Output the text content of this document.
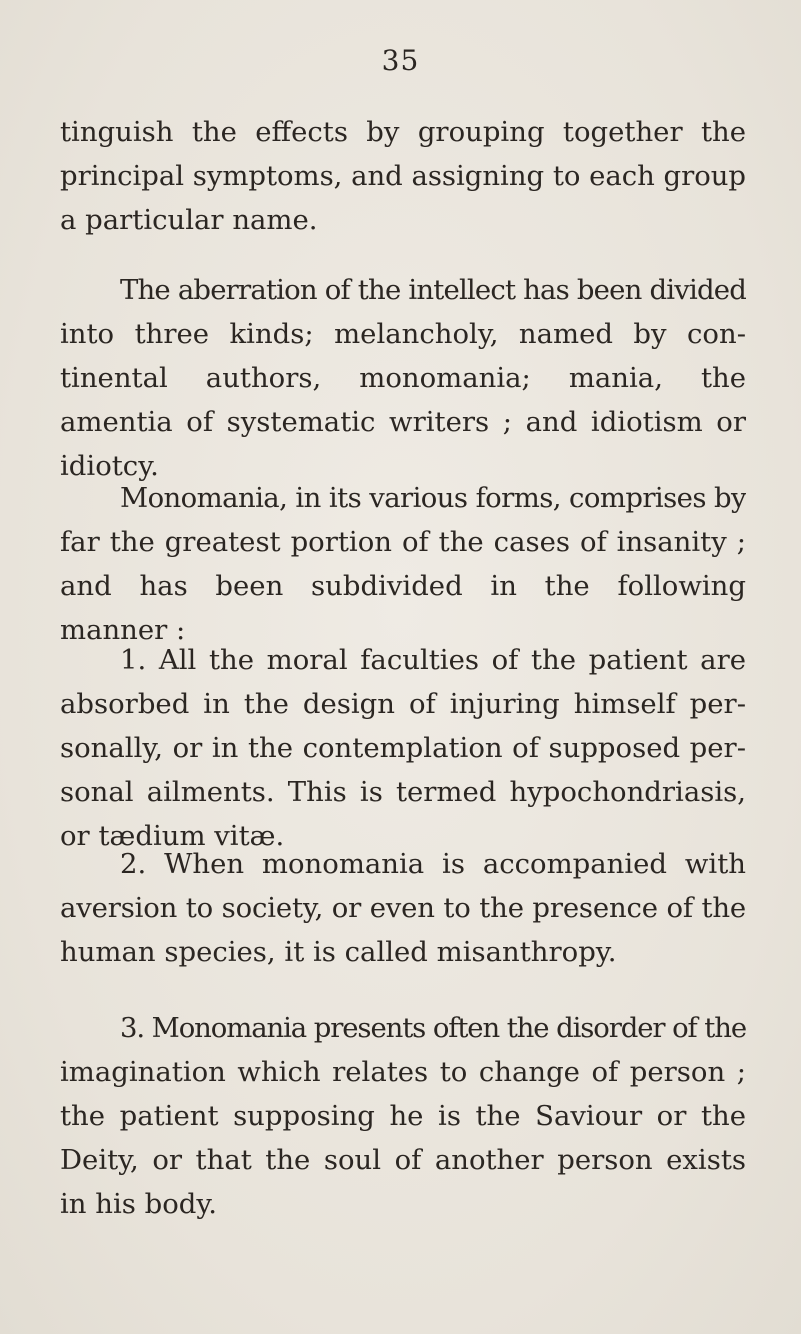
35
tinguish the effects by grouping together the
principal symptoms, and assigning to each group
a particular name.
The aberration of the intellect has been divided
into three kinds; melancholy, named by con-
tinental authors, monomania; mania, the
amentia of systematic writers ; and idiotism or
idiotcy.
Monomania, in its various forms, comprises by
far the greatest portion of the cases of insanity ;
and has been subdivided in the following
manner :
1. All the moral faculties of the patient are
absorbed in the design of injuring himself per-
sonally, or in the contemplation of supposed per-
sonal ailments. This is termed hypochondriasis,
or tædium vitæ.
2. When monomania is accompanied with
aversion to society, or even to the presence of the
human species, it is called misanthropy.
3. Monomania presents often the disorder of the
imagination which relates to change of person ;
the patient supposing he is the Saviour or the
Deity, or that the soul of another person exists
in his body.
